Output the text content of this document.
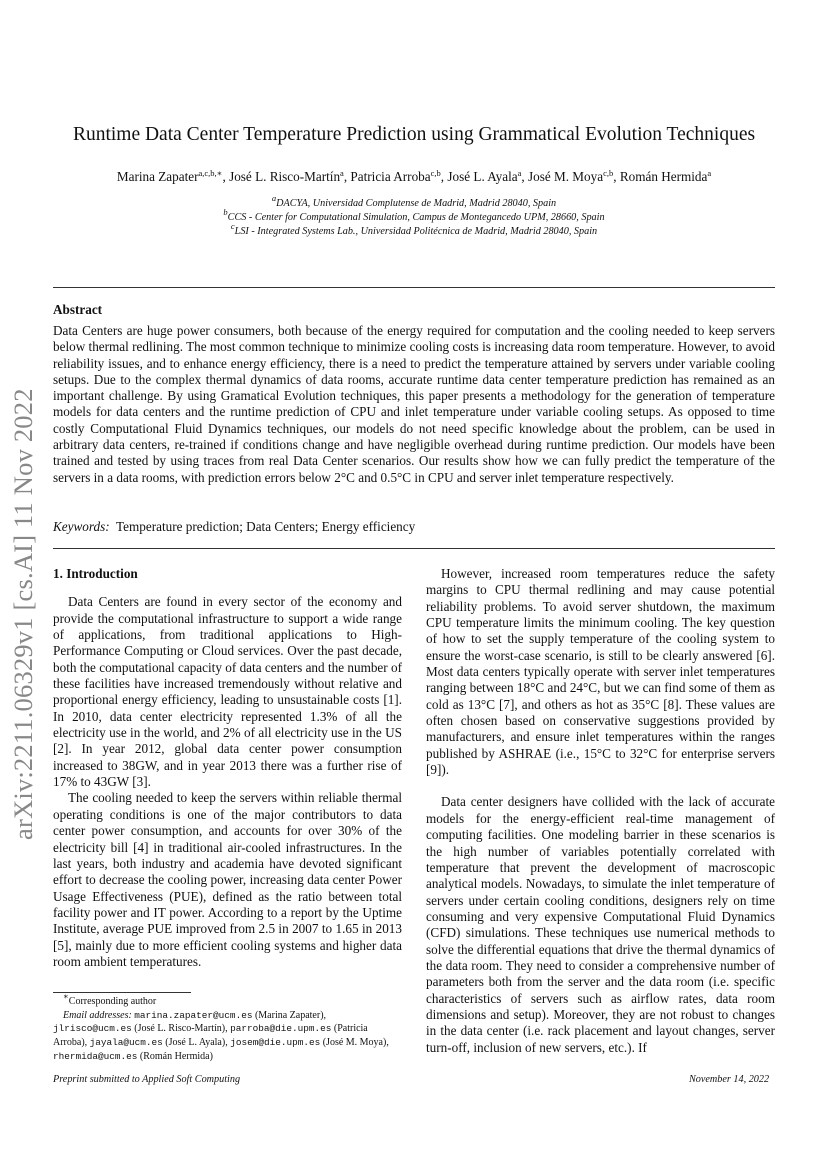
arXiv:2211.06329v1 [cs.AI] 11 Nov 2022
Runtime Data Center Temperature Prediction using Grammatical Evolution Techniques
Marina Zapater$^{a,c,b,∗}$, José L. Risco-Martín$^a$, Patricia Arroba$^{c,b}$, José L. Ayala$^a$, José M. Moya$^{c,b}$, Román Hermida$^a$
$^a$DACYA, Universidad Complutense de Madrid, Madrid 28040, Spain
$^b$CCS - Center for Computational Simulation, Campus de Montegancedo UPM, 28660, Spain
$^c$LSI - Integrated Systems Lab., Universidad Politécnica de Madrid, Madrid 28040, Spain
Abstract

Data Centers are huge power consumers, both because of the energy required for computation and the cooling needed to keep servers below thermal redlining. The most common technique to minimize cooling costs is increasing data room temperature. However, to avoid reliability issues, and to enhance energy efficiency, there is a need to predict the temperature attained by servers under variable cooling setups. Due to the complex thermal dynamics of data rooms, accurate runtime data center temperature prediction has remained as an important challenge. By using Gramatical Evolution techniques, this paper presents a methodology for the generation of temperature models for data centers and the runtime prediction of CPU and inlet temperature under variable cooling setups. As opposed to time costly Computational Fluid Dynamics techniques, our models do not need specific knowledge about the problem, can be used in arbitrary data centers, re-trained if conditions change and have negligible overhead during runtime prediction. Our models have been trained and tested by using traces from real Data Center scenarios. Our results show how we can fully predict the temperature of the servers in a data rooms, with prediction errors below 2°C and 0.5°C in CPU and server inlet temperature respectively.

Keywords: Temperature prediction; Data Centers; Energy efficiency
1. Introduction

Data Centers are found in every sector of the economy and provide the computational infrastructure to support a wide range of applications, from traditional applications to High-Performance Computing or Cloud services. Over the past decade, both the computational capacity of data centers and the number of these facilities have increased tremendously without relative and proportional energy efficiency, leading to unsustainable costs [1]. In 2010, data center electricity represented 1.3% of all the electricity use in the world, and 2% of all electricity use in the US [2]. In year 2012, global data center power consumption increased to 38GW, and in year 2013 there was a further rise of 17% to 43GW [3].

The cooling needed to keep the servers within reliable thermal operating conditions is one of the major contributors to data center power consumption, and accounts for over 30% of the electricity bill [4] in traditional air-cooled infrastructures. In the last years, both industry and academia have devoted significant effort to decrease the cooling power, increasing data center Power Usage Effectiveness (PUE), defined as the ratio between total facility power and IT power. According to a report by the Uptime Institute, average PUE improved from 2.5 in 2007 to 1.65 in 2013 [5], mainly due to more efficient cooling systems and higher data room ambient temperatures.

However, increased room temperatures reduce the safety margins to CPU thermal redlining and may cause potential reliability problems. To avoid server shutdown, the maximum CPU temperature limits the minimum cooling. The key question of how to set the supply temperature of the cooling system to ensure the worst-case scenario, is still to be clearly answered [6]. Most data centers typically operate with server inlet temperatures ranging between 18°C and 24°C, but we can find some of them as cold as 13°C [7], and others as hot as 35°C [8]. These values are often chosen based on conservative suggestions provided by manufacturers, and ensure inlet temperatures within the ranges published by ASHRAE (i.e., 15°C to 32°C for enterprise servers [9]).

Data center designers have collided with the lack of accurate models for the energy-efficient real-time management of computing facilities. One modeling barrier in these scenarios is the high number of variables potentially correlated with temperature that prevent the development of macroscopic analytical models. Nowadays, to simulate the inlet temperature of servers under certain cooling conditions, designers rely on time consuming and very expensive Computational Fluid Dynamics (CFD) simulations. These techniques use numerical methods to solve the differential equations that drive the thermal dynamics of the data room. They need to consider a comprehensive number of parameters both from the server and the data room (i.e. specific characteristics of servers such as airflow rates, data room dimensions and setup). Moreover, they are not robust to changes in the data center (i.e. rack placement and layout changes, server turn-off, inclusion of new servers, etc.). If

∗Corresponding author

Email addresses: marina.zapater@ucm.es (Marina Zapater), jlrisco@ucm.es (José L. Risco-Martín), parroba@die.upm.es (Patricia Arroba), jayala@ucm.es (José L. Ayala), josem@die.upm.es (José M. Moya), rhermida@ucm.es (Román Hermida)

Preprint submitted to Applied Soft Computing	November 14, 2022
